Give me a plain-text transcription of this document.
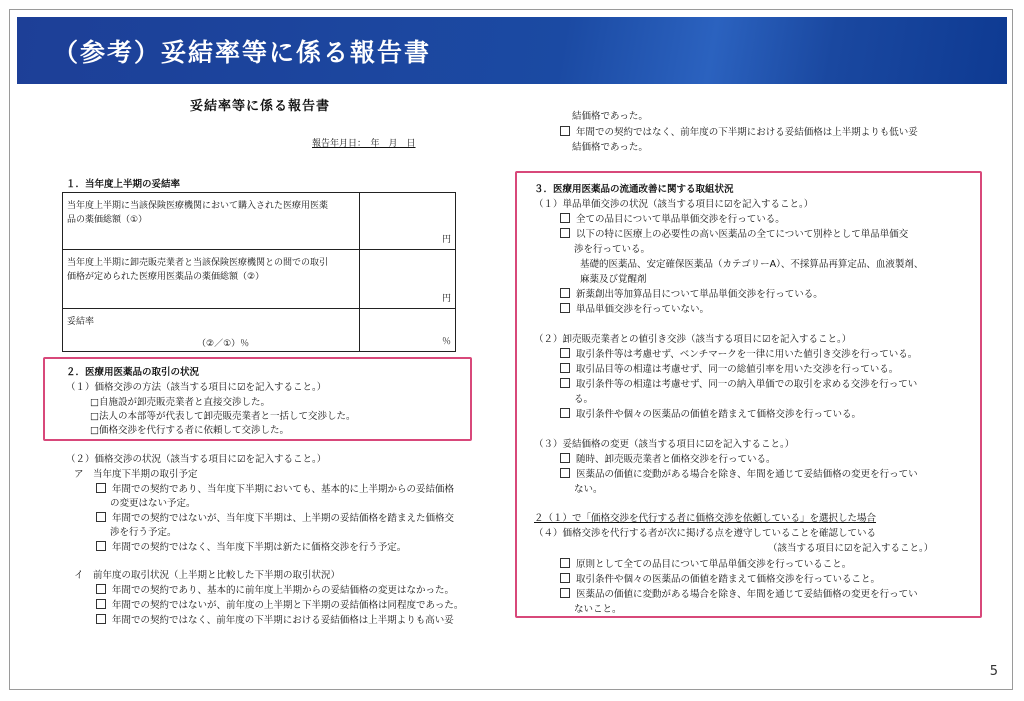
（参考）妥結率等に係る報告書
妥結率等に係る報告書
報告年月日：　年　月　日
１．当年度上半期の妥結率
当年度上半期に当該保険医療機関において購入された医療用医薬
品の薬価総額（①）	円

当年度上半期に卸売販売業者と当該保険医療機関との間での取引
価格が定められた医療用医薬品の薬価総額（②）	円

妥結率
（②／①）％	％
２．医療用医薬品の取引の状況
（１）価格交渉の方法（該当する項目に☑を記入すること。）
□自施設が卸売販売業者と直接交渉した。
□法人の本部等が代表して卸売販売業者と一括して交渉した。
□価格交渉を代行する者に依頼して交渉した。
（２）価格交渉の状況（該当する項目に☑を記入すること。）
ア　当年度下半期の取引予定
年間での契約であり、当年度下半期においても、基本的に上半期からの妥結価格
の変更はない予定。
年間での契約ではないが、当年度下半期は、上半期の妥結価格を踏まえた価格交
渉を行う予定。
年間での契約ではなく、当年度下半期は新たに価格交渉を行う予定。
イ　前年度の取引状況（上半期と比較した下半期の取引状況）
年間での契約であり、基本的に前年度上半期からの妥結価格の変更はなかった。
年間での契約ではないが、前年度の上半期と下半期の妥結価格は同程度であった。
年間での契約ではなく、前年度の下半期における妥結価格は上半期よりも高い妥
結価格であった。
年間での契約ではなく、前年度の下半期における妥結価格は上半期よりも低い妥
結価格であった。
３．医療用医薬品の流通改善に関する取組状況
（１）単品単価交渉の状況（該当する項目に☑を記入すること。）
全ての品目について単品単価交渉を行っている。
以下の特に医療上の必要性の高い医薬品の全てについて別枠として単品単価交
渉を行っている。
基礎的医薬品、安定確保医薬品（カテゴリーA）、不採算品再算定品、血液製剤、
麻薬及び覚醒剤
新薬創出等加算品目について単品単価交渉を行っている。
単品単価交渉を行っていない。
（２）卸売販売業者との値引き交渉（該当する項目に☑を記入すること。）
取引条件等は考慮せず、ベンチマークを一律に用いた値引き交渉を行っている。
取引品目等の相違は考慮せず、同一の総値引率を用いた交渉を行っている。
取引条件等の相違は考慮せず、同一の納入単価での取引を求める交渉を行ってい
る。
取引条件や個々の医薬品の価値を踏まえて価格交渉を行っている。
（３）妥結価格の変更（該当する項目に☑を記入すること。）
随時、卸売販売業者と価格交渉を行っている。
医薬品の価値に変動がある場合を除き、年間を通じて妥結価格の変更を行ってい
ない。
２（１）で「価格交渉を代行する者に価格交渉を依頼している」を選択した場合
（４）価格交渉を代行する者が次に掲げる点を遵守していることを確認している
（該当する項目に☑を記入すること。）
原則として全ての品目について単品単価交渉を行っていること。
取引条件や個々の医薬品の価値を踏まえて価格交渉を行っていること。
医薬品の価値に変動がある場合を除き、年間を通じて妥結価格の変更を行ってい
ないこと。
5
